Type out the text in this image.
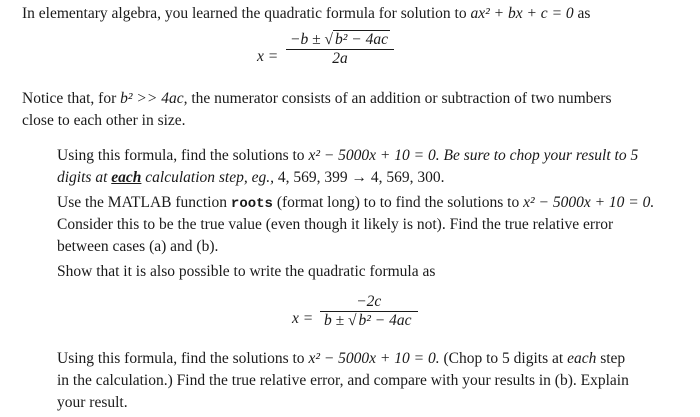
In elementary algebra, you learned the quadratic formula for solution to ax² + bx + c = 0 as
x =
−b ± √ b² − 4ac
2a
Notice that, for b² >> 4ac, the numerator consists of an addition or subtraction of two numbers
close to each other in size.
Using this formula, find the solutions to x² − 5000x + 10 = 0. Be sure to chop your result to 5
digits at each calculation step, eg., 4, 569, 399 → 4, 569, 300.
Use the MATLAB function roots (format long) to to find the solutions to x² − 5000x + 10 = 0.
Consider this to be the true value (even though it likely is not). Find the true relative error
between cases (a) and (b).
Show that it is also possible to write the quadratic formula as
x =
−2c
b ± √ b² − 4ac
Using this formula, find the solutions to x² − 5000x + 10 = 0. (Chop to 5 digits at each step
in the calculation.) Find the true relative error, and compare with your results in (b). Explain
your result.
